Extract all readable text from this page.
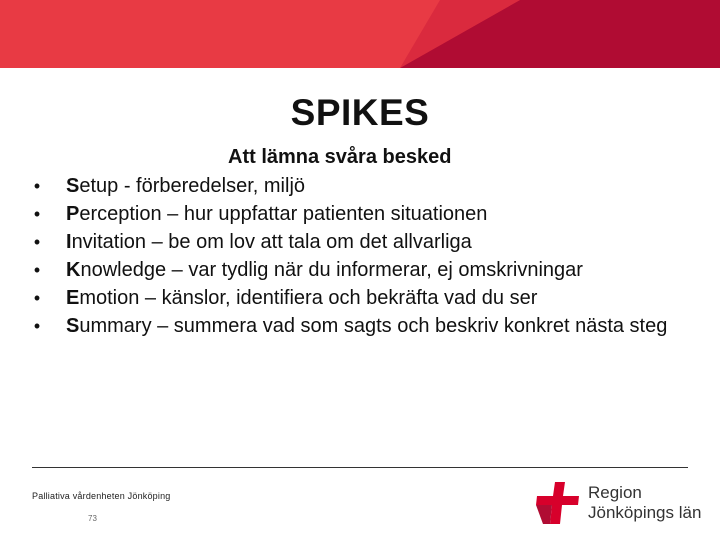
SPIKES
Att lämna svåra besked
• Setup - förberedelser, miljö
• Perception – hur uppfattar patienten situationen
• Invitation – be om lov att tala om det allvarliga
• Knowledge – var tydlig när du informerar, ej omskrivningar
• Emotion – känslor, identifiera och bekräfta vad du ser
• Summary – summera vad som sagts och beskriv konkret nästa steg
Palliativa vårdenheten Jönköping
73
Region
Jönköpings län
